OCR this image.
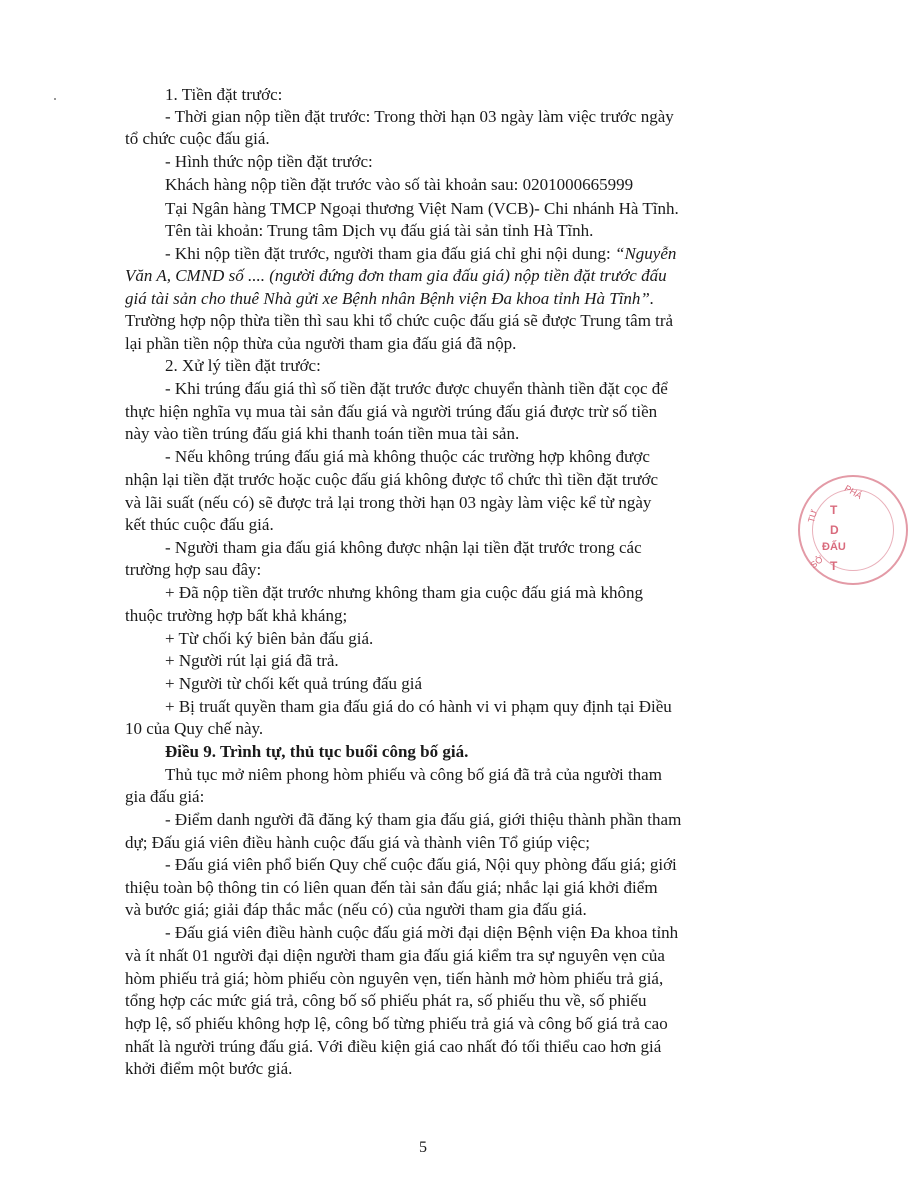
1. Tiền đặt trước:
- Thời gian nộp tiền đặt trước: Trong thời hạn 03 ngày làm việc trước ngày
tổ chức cuộc đấu giá.
- Hình thức nộp tiền đặt trước:
Khách hàng nộp tiền đặt trước vào số tài khoản sau: 0201000665999
Tại Ngân hàng TMCP Ngoại thương Việt Nam (VCB)- Chi nhánh Hà Tĩnh.
Tên tài khoản: Trung tâm Dịch vụ đấu giá tài sản tỉnh Hà Tĩnh.
- Khi nộp tiền đặt trước, người tham gia đấu giá chỉ ghi nội dung: “Nguyễn
Văn A, CMND số .... (người đứng đơn tham gia đấu giá) nộp tiền đặt trước đấu
giá tài sản cho thuê Nhà gửi xe Bệnh nhân Bệnh viện Đa khoa tỉnh Hà Tĩnh”.
Trường hợp nộp thừa tiền thì sau khi tổ chức cuộc đấu giá sẽ được Trung tâm trả
lại phần tiền nộp thừa của người tham gia đấu giá đã nộp.
2. Xử lý tiền đặt trước:
- Khi trúng đấu giá thì số tiền đặt trước được chuyển thành tiền đặt cọc để
thực hiện nghĩa vụ mua tài sản đấu giá và người trúng đấu giá được trừ số tiền
này vào tiền trúng đấu giá khi thanh toán tiền mua tài sản.
- Nếu không trúng đấu giá mà không thuộc các trường hợp không được
nhận lại tiền đặt trước hoặc cuộc đấu giá không được tổ chức thì tiền đặt trước
và lãi suất (nếu có) sẽ được trả lại trong thời hạn 03 ngày làm việc kể từ ngày
kết thúc cuộc đấu giá.
- Người tham gia đấu giá không được nhận lại tiền đặt trước trong các
trường hợp sau đây:
+ Đã nộp tiền đặt trước nhưng không tham gia cuộc đấu giá mà không
thuộc trường hợp bất khả kháng;
+ Từ chối ký biên bản đấu giá.
+ Người rút lại giá đã trả.
+ Người từ chối kết quả trúng đấu giá
+ Bị truất quyền tham gia đấu giá do có hành vi vi phạm quy định tại Điều
10 của Quy chế này.
Điều 9. Trình tự, thủ tục buổi công bố giá.
Thủ tục mở niêm phong hòm phiếu và công bố giá đã trả của người tham
gia đấu giá:
- Điểm danh người đã đăng ký tham gia đấu giá, giới thiệu thành phần tham
dự; Đấu giá viên điều hành cuộc đấu giá và thành viên Tổ giúp việc;
- Đấu giá viên phổ biến Quy chế cuộc đấu giá, Nội quy phòng đấu giá; giới
thiệu toàn bộ thông tin có liên quan đến tài sản đấu giá; nhắc lại giá khởi điểm
và bước giá; giải đáp thắc mắc (nếu có) của người tham gia đấu giá.
- Đấu giá viên điều hành cuộc đấu giá mời đại diện Bệnh viện Đa khoa tỉnh
và ít nhất 01 người đại diện người tham gia đấu giá kiểm tra sự nguyên vẹn của
hòm phiếu trả giá; hòm phiếu còn nguyên vẹn, tiến hành mở hòm phiếu trả giá,
tổng hợp các mức giá trả, công bố số phiếu phát ra, số phiếu thu về, số phiếu
hợp lệ, số phiếu không hợp lệ, công bố từng phiếu trả giá và công bố giá trả cao
nhất là người trúng đấu giá. Với điều kiện giá cao nhất đó tối thiểu cao hơn giá
khởi điểm một bước giá.
PHÁ
T
D
ĐẤU
T
TƯ
SỞ
5
